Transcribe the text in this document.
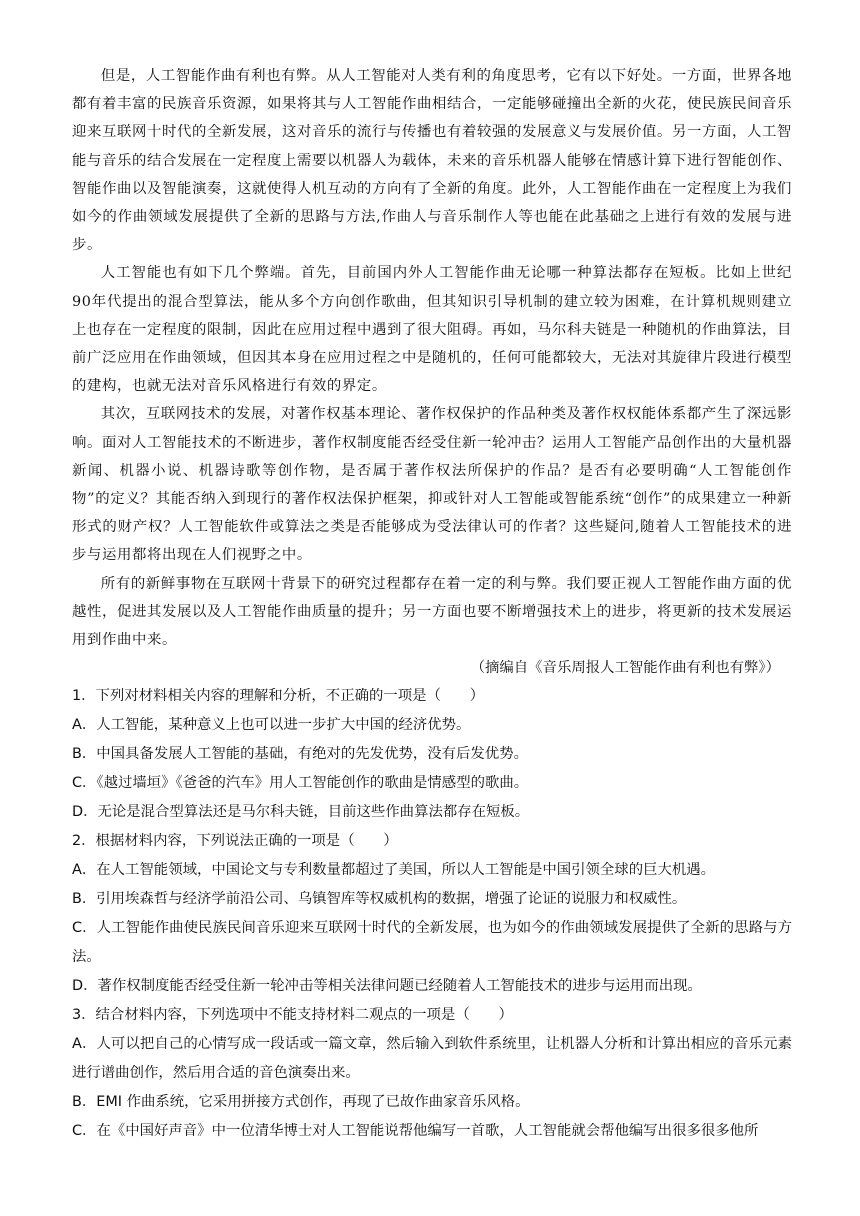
但是，人工智能作曲有利也有弊。从人工智能对人类有利的角度思考，它有以下好处。一方面，世界各地都有着丰富的民族音乐资源，如果将其与人工智能作曲相结合，一定能够碰撞出全新的火花，使民族民间音乐迎来互联网十时代的全新发展，这对音乐的流行与传播也有着较强的发展意义与发展价值。另一方面，人工智能与音乐的结合发展在一定程度上需要以机器人为载体，未来的音乐机器人能够在情感计算下进行智能创作、智能作曲以及智能演奏，这就使得人机互动的方向有了全新的角度。此外，人工智能作曲在一定程度上为我们如今的作曲领域发展提供了全新的思路与方法,作曲人与音乐制作人等也能在此基础之上进行有效的发展与进步。

人工智能也有如下几个弊端。首先，目前国内外人工智能作曲无论哪一种算法都存在短板。比如上世纪90年代提出的混合型算法，能从多个方向创作歌曲，但其知识引导机制的建立较为困难，在计算机规则建立上也存在一定程度的限制，因此在应用过程中遇到了很大阻碍。再如，马尔科夫链是一种随机的作曲算法，目前广泛应用在作曲领域，但因其本身在应用过程之中是随机的，任何可能都较大，无法对其旋律片段进行模型的建构，也就无法对音乐风格进行有效的界定。

其次，互联网技术的发展，对著作权基本理论、著作权保护的作品种类及著作权权能体系都产生了深远影响。面对人工智能技术的不断进步，著作权制度能否经受住新一轮冲击？运用人工智能产品创作出的大量机器新闻、机器小说、机器诗歌等创作物，是否属于著作权法所保护的作品？是否有必要明确“人工智能创作物”的定义？其能否纳入到现行的著作权法保护框架，抑或针对人工智能或智能系统“创作”的成果建立一种新形式的财产权？人工智能软件或算法之类是否能够成为受法律认可的作者？这些疑问,随着人工智能技术的进步与运用都将出现在人们视野之中。

所有的新鲜事物在互联网十背景下的研究过程都存在着一定的利与弊。我们要正视人工智能作曲方面的优越性，促进其发展以及人工智能作曲质量的提升；另一方面也要不断增强技术上的进步，将更新的技术发展运用到作曲中来。

（摘编自《音乐周报人工智能作曲有利也有弊》）

1．下列对材料相关内容的理解和分析，不正确的一项是（　　）

A．人工智能，某种意义上也可以进一步扩大中国的经济优势。

B．中国具备发展人工智能的基础，有绝对的先发优势，没有后发优势。

C．《越过墙垣》《爸爸的汽车》用人工智能创作的歌曲是情感型的歌曲。

D．无论是混合型算法还是马尔科夫链，目前这些作曲算法都存在短板。

2．根据材料内容，下列说法正确的一项是（　　）

A．在人工智能领域，中国论文与专利数量都超过了美国，所以人工智能是中国引领全球的巨大机遇。

B．引用埃森哲与经济学前沿公司、乌镇智库等权威机构的数据，增强了论证的说服力和权威性。

C．人工智能作曲使民族民间音乐迎来互联网十时代的全新发展，也为如今的作曲领域发展提供了全新的思路与方法。

D．著作权制度能否经受住新一轮冲击等相关法律问题已经随着人工智能技术的进步与运用而出现。

3．结合材料内容，下列选项中不能支持材料二观点的一项是（　　）

A．人可以把自己的心情写成一段话或一篇文章，然后输入到软件系统里，让机器人分析和计算出相应的音乐元素进行谱曲创作，然后用合适的音色演奏出来。

B．EMI 作曲系统，它采用拼接方式创作，再现了已故作曲家音乐风格。

C．在《中国好声音》中一位清华博士对人工智能说帮他编写一首歌，人工智能就会帮他编写出很多很多他所
